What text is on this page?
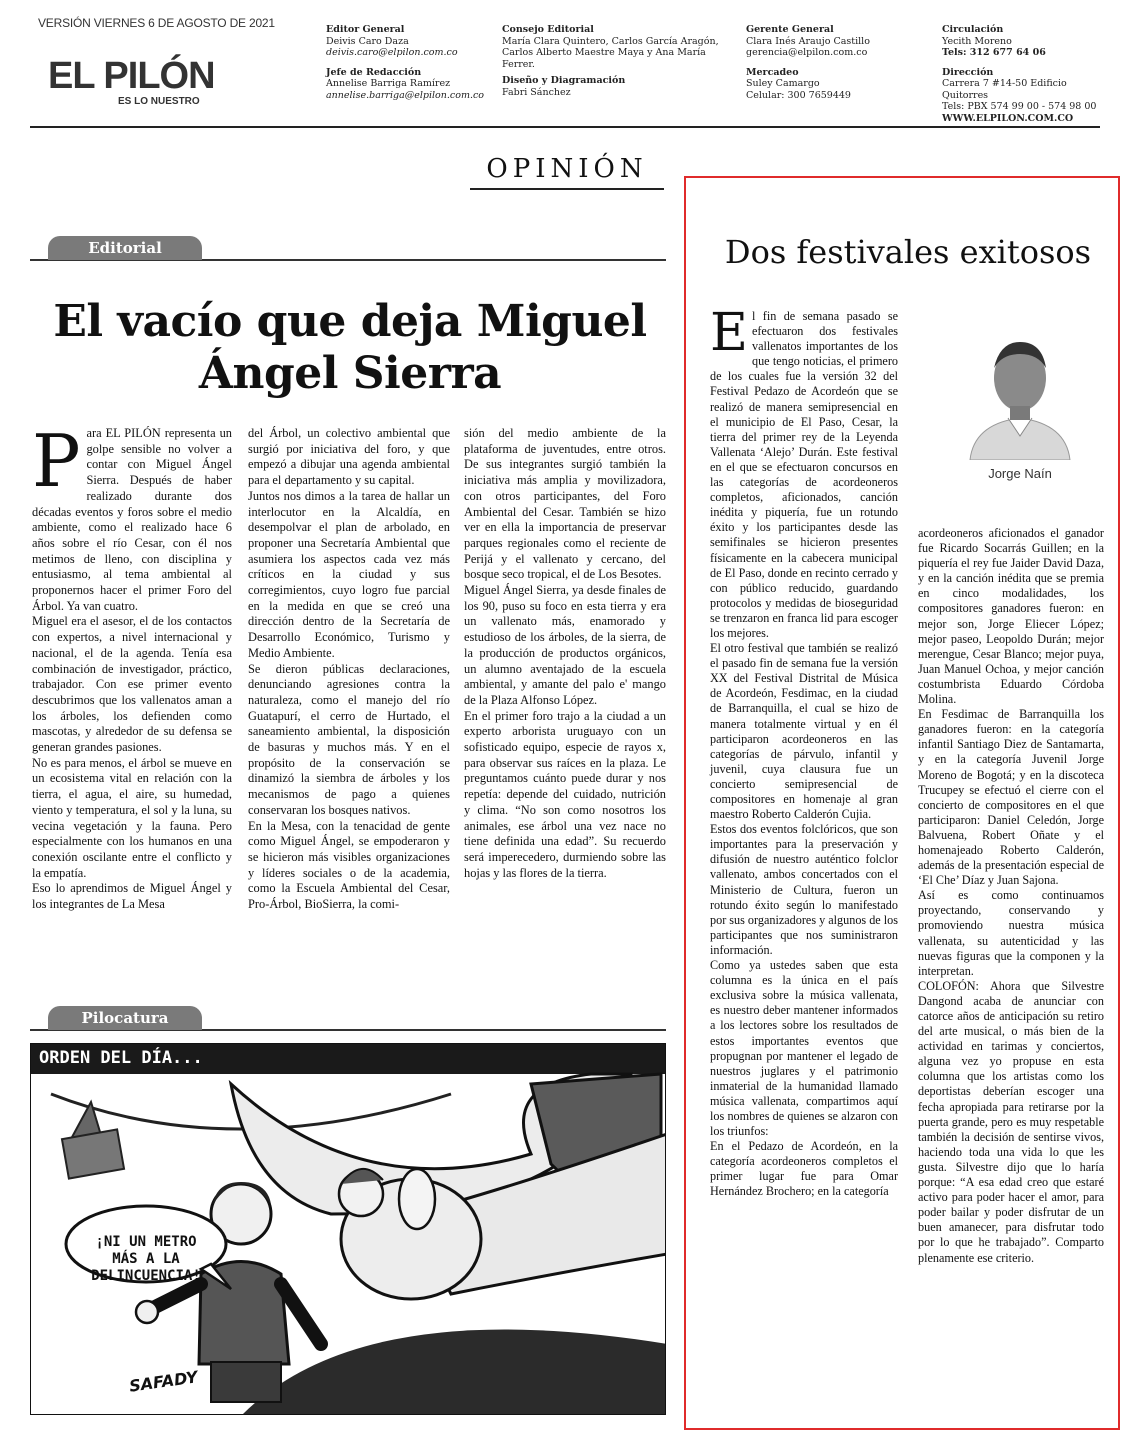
VERSIÓN VIERNES 6 DE AGOSTO DE 2021
EL PILÓN
ES LO NUESTRO
Editor General
Deivis Caro Daza
deivis.caro@elpilon.com.co
Jefe de Redacción
Annelise Barriga Ramírez
annelise.barriga@elpilon.com.co
Consejo Editorial
María Clara Quintero, Carlos García Aragón,
Carlos Alberto Maestre Maya y Ana María
Ferrer.
Diseño y Diagramación
Fabri Sánchez
Gerente General
Clara Inés Araujo Castillo
gerencia@elpilon.com.co
Mercadeo
Suley Camargo
Celular: 300 7659449
Circulación
Yecith Moreno
Tels: 312 677 64 06
Dirección
Carrera 7 #14-50 Edificio Quitorres
Tels: PBX 574 99 00 - 574 98 00
WWW.ELPILON.COM.CO
OPINIÓN
Editorial
El vacío que deja Miguel
Ángel Sierra
P ara EL PILÓN representa un golpe sensible no volver a contar con Miguel Ángel Sierra. Después de haber realizado durante dos décadas eventos y foros sobre el medio ambiente, como el realizado hace 6 años sobre el río Cesar, con él nos metimos de lleno, con disciplina y entusiasmo, al tema ambiental al proponernos hacer el primer Foro del Árbol. Ya van cuatro.

Miguel era el asesor, el de los contactos con expertos, a nivel internacional y nacional, el de la agenda. Tenía esa combinación de investigador, práctico, trabajador. Con ese primer evento descubrimos que los vallenatos aman a los árboles, los defienden como mascotas, y alrededor de su defensa se generan grandes pasiones.

No es para menos, el árbol se mueve en un ecosistema vital en relación con la tierra, el agua, el aire, su humedad, viento y temperatura, el sol y la luna, su vecina vegetación y la fauna. Pero especialmente con los humanos en una conexión oscilante entre el conflicto y la empatía.

Eso lo aprendimos de Miguel Ángel y los integrantes de La Mesa

del Árbol, un colectivo ambiental que surgió por iniciativa del foro, y que empezó a dibujar una agenda ambiental para el departamento y su capital.

Juntos nos dimos a la tarea de hallar un interlocutor en la Alcaldía, en desempolvar el plan de arbolado, en proponer una Secretaría Ambiental que asumiera los aspectos cada vez más críticos en la ciudad y sus corregimientos, cuyo logro fue parcial en la medida en que se creó una dirección dentro de la Secretaría de Desarrollo Económico, Turismo y Medio Ambiente.

Se dieron públicas declaraciones, denunciando agresiones contra la naturaleza, como el manejo del río Guatapurí, el cerro de Hurtado, el saneamiento ambiental, la disposición de basuras y muchos más. Y en el propósito de la conservación se dinamizó la siembra de árboles y los mecanismos de pago a quienes conservaran los bosques nativos.

En la Mesa, con la tenacidad de gente como Miguel Ángel, se empoderaron y se hicieron más visibles organizaciones y líderes sociales o de la academia, como la Escuela Ambiental del Cesar, Pro-Árbol, BioSierra, la comi-

sión del medio ambiente de la plataforma de juventudes, entre otros. De sus integrantes surgió también la iniciativa más amplia y movilizadora, con otros participantes, del Foro Ambiental del Cesar. También se hizo ver en ella la importancia de preservar parques regionales como el reciente de Perijá y el vallenato y cercano, del bosque seco tropical, el de Los Besotes.

Miguel Ángel Sierra, ya desde finales de los 90, puso su foco en esta tierra y era un vallenato más, enamorado y estudioso de los árboles, de la sierra, de la producción de productos orgánicos, un alumno aventajado de la escuela ambiental, y amante del palo e' mango de la Plaza Alfonso López.

En el primer foro trajo a la ciudad a un experto arborista uruguayo con un sofisticado equipo, especie de rayos x, para observar sus raíces en la plaza. Le preguntamos cuánto puede durar y nos repetía: depende del cuidado, nutrición y clima. “No son como nosotros los animales, ese árbol una vez nace no tiene definida una edad”. Su recuerdo será imperecedero, durmiendo sobre las hojas y las flores de la tierra.

Pilocatura
ORDEN DEL DÍA...
¡NI UN METRO
MÁS A LA
DELINCUENCIA!
SAFADY
Dos festivales exitosos
Jorge Naín
E l fin de semana pasado se efectuaron dos festivales vallenatos importantes de los que tengo noticias, el primero de los cuales fue la versión 32 del Festival Pedazo de Acordeón que se realizó de manera semipresencial en el municipio de El Paso, Cesar, la tierra del primer rey de la Leyenda Vallenata ‘Alejo’ Durán. Este festival en el que se efectuaron concursos en las categorías de acordeoneros completos, aficionados, canción inédita y piquería, fue un rotundo éxito y los participantes desde las semifinales se hicieron presentes físicamente en la cabecera municipal de El Paso, donde en recinto cerrado y con público reducido, guardando protocolos y medidas de bioseguridad se trenzaron en franca lid para escoger los mejores.

El otro festival que también se realizó el pasado fin de semana fue la versión XX del Festival Distrital de Música de Acordeón, Fesdimac, en la ciudad de Barranquilla, el cual se hizo de manera totalmente virtual y en él participaron acordeoneros en las categorías de párvulo, infantil y juvenil, cuya clausura fue un concierto semipresencial de compositores en homenaje al gran maestro Roberto Calderón Cujia.

Estos dos eventos folclóricos, que son importantes para la preservación y difusión de nuestro auténtico folclor vallenato, ambos concertados con el Ministerio de Cultura, fueron un rotundo éxito según lo manifestado por sus organizadores y algunos de los participantes que nos suministraron información.

Como ya ustedes saben que esta columna es la única en el país exclusiva sobre la música vallenata, es nuestro deber mantener informados a los lectores sobre los resultados de estos importantes eventos que propugnan por mantener el legado de nuestros juglares y el patrimonio inmaterial de la humanidad llamado música vallenata, compartimos aquí los nombres de quienes se alzaron con los triunfos:

En el Pedazo de Acordeón, en la categoría acordeoneros completos el primer lugar fue para Omar Hernández Brochero; en la categoría

acordeoneros aficionados el ganador fue Ricardo Socarrás Guillen; en la piquería el rey fue Jaider David Daza, y en la canción inédita que se premia en cinco modalidades, los compositores ganadores fueron: en mejor son, Jorge Eliecer López; mejor paseo, Leopoldo Durán; mejor merengue, Cesar Blanco; mejor puya, Juan Manuel Ochoa, y mejor canción costumbrista Eduardo Córdoba Molina.

En Fesdimac de Barranquilla los ganadores fueron: en la categoría infantil Santiago Diez de Santamarta, y en la categoría Juvenil Jorge Moreno de Bogotá; y en la discoteca Trucupey se efectuó el cierre con el concierto de compositores en el que participaron: Daniel Celedón, Jorge Balvuena, Robert Oñate y el homenajeado Roberto Calderón, además de la presentación especial de ‘El Che’ Díaz y Juan Sajona.

Así es como continuamos proyectando, conservando y promoviendo nuestra música vallenata, su autenticidad y las nuevas figuras que la componen y la interpretan.

COLOFÓN: Ahora que Silvestre Dangond acaba de anunciar con catorce años de anticipación su retiro del arte musical, o más bien de la actividad en tarimas y conciertos, alguna vez yo propuse en esta columna que los artistas como los deportistas deberían escoger una fecha apropiada para retirarse por la puerta grande, pero es muy respetable también la decisión de sentirse vivos, haciendo toda una vida lo que les gusta. Silvestre dijo que lo haría porque: “A esa edad creo que estaré activo para poder hacer el amor, para poder bailar y poder disfrutar de un buen amanecer, para disfrutar todo por lo que he trabajado”. Comparto plenamente ese criterio.
